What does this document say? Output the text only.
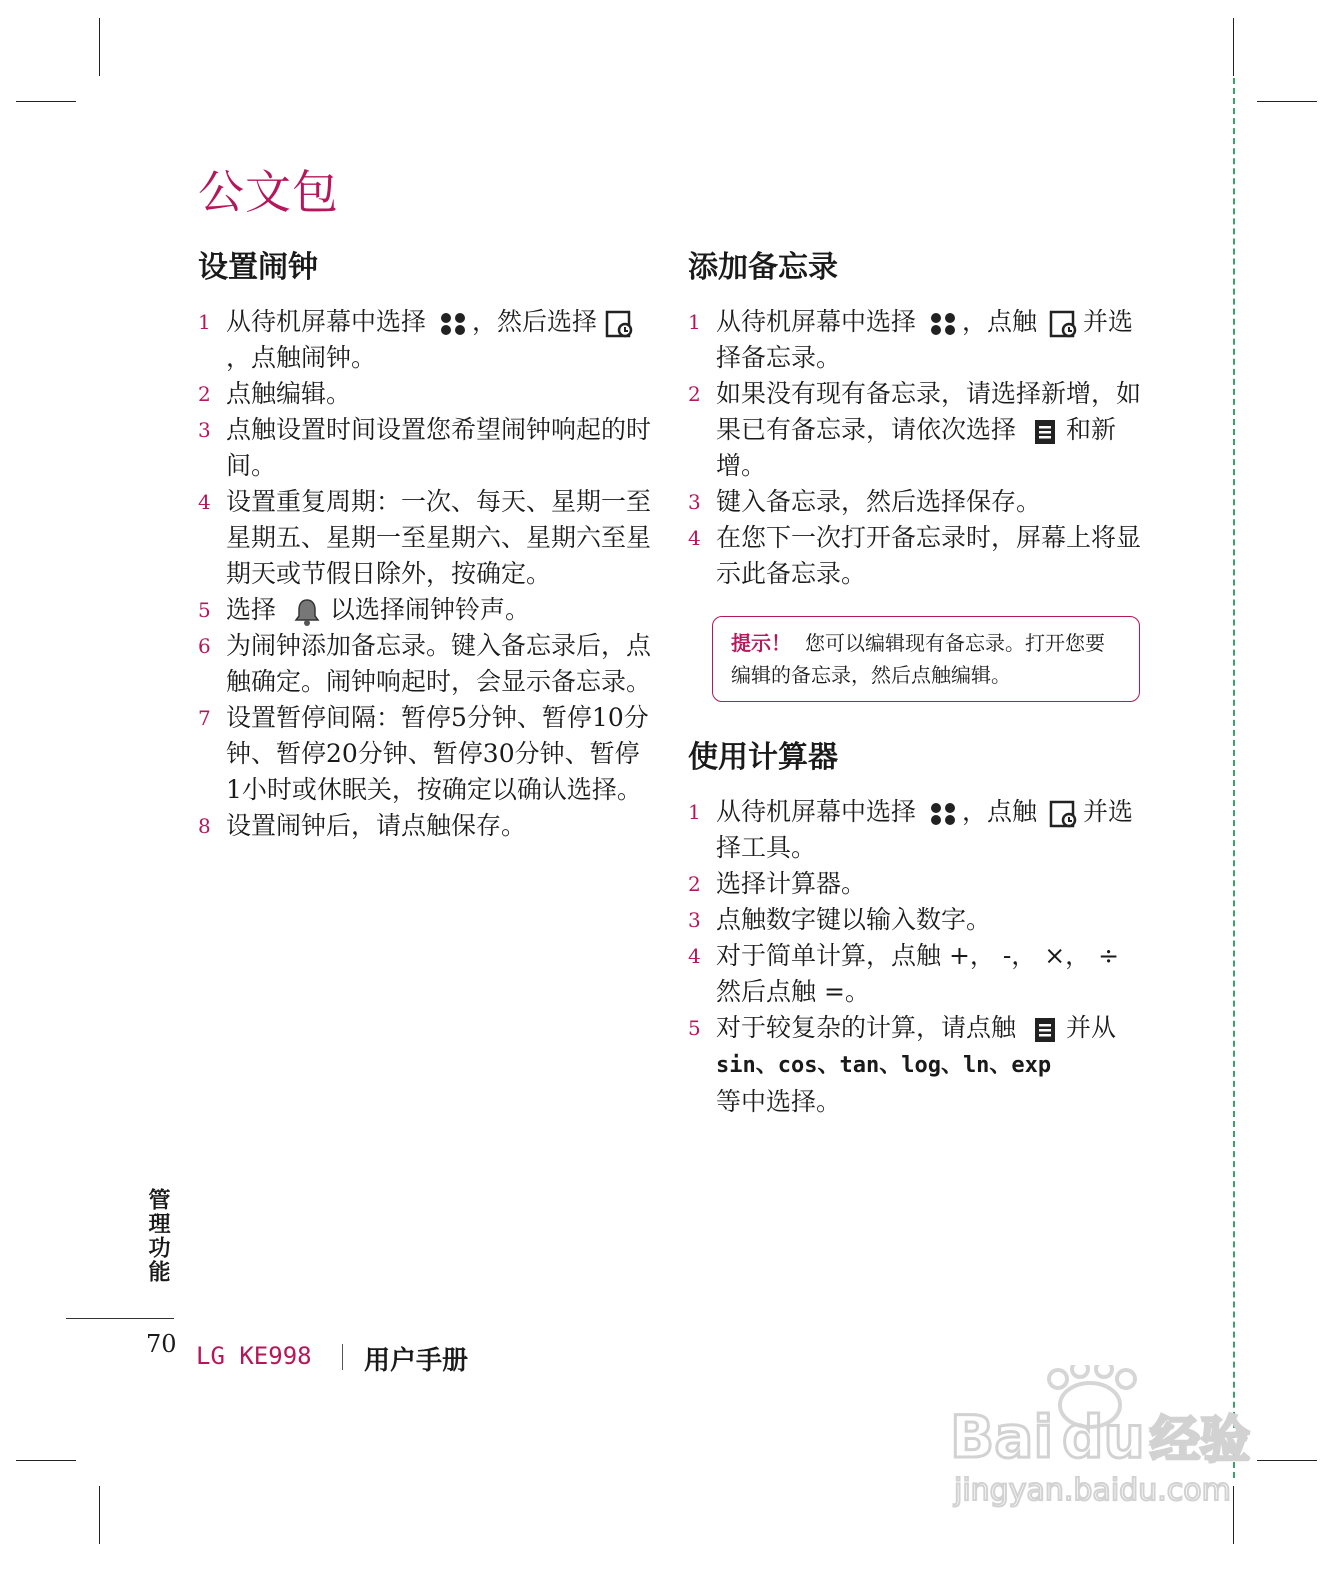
公文包
设置闹钟
1 从待机屏幕中选择 ，然后选择
，点触闹钟。
2 点触编辑。
3 点触设置时间设置您希望闹钟响起的时间。
4 设置重复周期：一次、每天、星期一至星期五、星期一至星期六、星期六至星期天或节假日除外，按确定。
5 选择 以选择闹钟铃声。
6 为闹钟添加备忘录。键入备忘录后，点触确定。闹钟响起时，会显示备忘录。
7 设置暂停间隔：暂停5分钟、暂停10分钟、暂停20分钟、暂停30分钟、暂停1小时或休眠关，按确定以确认选择。
8 设置闹钟后，请点触保存。
添加备忘录
1 从待机屏幕中选择 ，点触 并选择备忘录。
2 如果没有现有备忘录，请选择新增，如果已有备忘录，请依次选择 和新增。
3 键入备忘录，然后选择保存。
4 在您下一次打开备忘录时，屏幕上将显示此备忘录。
提示！ 您可以编辑现有备忘录。打开您要编辑的备忘录，然后点触编辑。
使用计算器
1 从待机屏幕中选择 ，点触 并选择工具。
2 选择计算器。
3 点触数字键以输入数字。
4 对于简单计算，点触 +， -， ×， ÷然后点触 =。
5 对于较复杂的计算，请点触 并从 sin、cos、tan、log、ln、exp
等中选择。
管理功能
70 LG KE998 用户手册
Bai du 经验
jingyan.baidu.com
